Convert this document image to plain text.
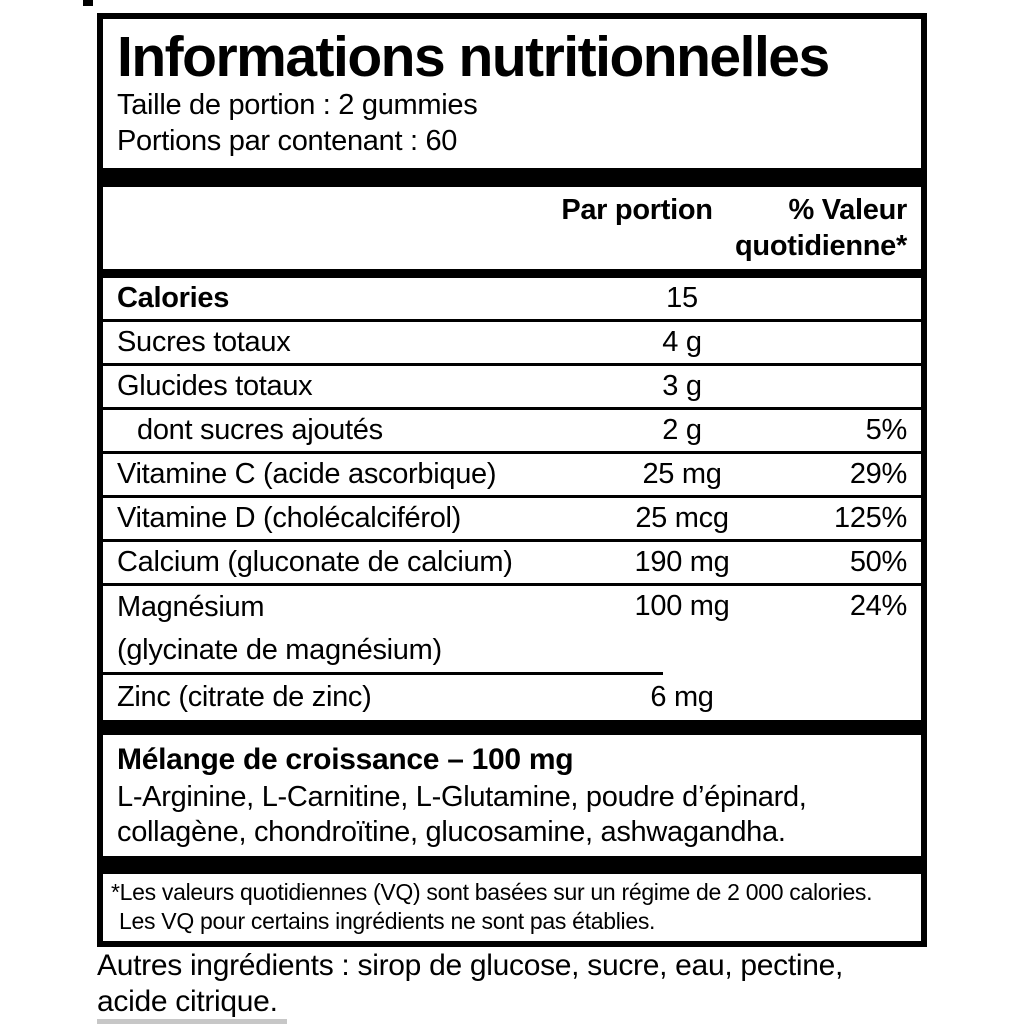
Informations nutritionnelles
Taille de portion : 2 gummies
Portions par contenant : 60
Par portion	% Valeur
quotidienne*
Calories	15
Sucres totaux	4 g
Glucides totaux	3 g
dont sucres ajoutés	2 g	5%
Vitamine C (acide ascorbique)	25 mg	29%
Vitamine D (cholécalciférol)	25 mcg	125%
Calcium (gluconate de calcium)	190 mg	50%
Magnésium
(glycinate de magnésium)
100 mg	24%
Zinc (citrate de zinc)	6 mg
Mélange de croissance – 100 mg
L-Arginine, L-Carnitine, L-Glutamine, poudre d’épinard, collagène, chondroïtine, glucosamine, ashwagandha.
*Les valeurs quotidiennes (VQ) sont basées sur un régime de 2 000 calories.
Les VQ pour certains ingrédients ne sont pas établies.
Autres ingrédients : sirop de glucose, sucre, eau, pectine, acide citrique.
